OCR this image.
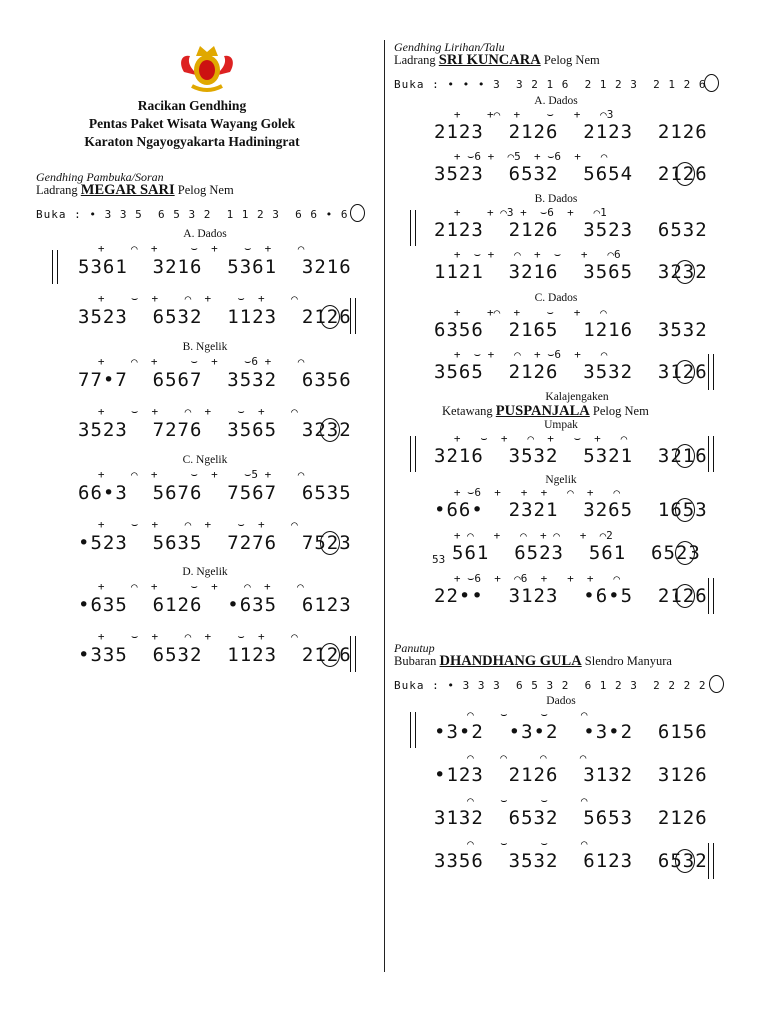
Racikan Gendhing
Pentas Paket Wisata Wayang Golek
Karaton Ngayogyakarta Hadiningrat
Gendhing Pambuka/Soran
Ladrang MEGAR SARI Pelog Nem
Buka : • 3 3 5  6 5 3 2  1 1 2 3  6 6 • 6
A. Dados
+    ⌒  +     ⌣  +    ⌣  +    ⌒
5361  3216  5361  3216
+    ⌣  +    ⌒  +    ⌣  +    ⌒
3523  6532  1123  2126
B. Ngelik
+    ⌒  +     ⌣  +    ⌣6 +    ⌒
77•7  6567  3532  6356
+    ⌣  +    ⌒  +    ⌣  +    ⌒
3523  7276  3565  3232
C. Ngelik
+    ⌒  +     ⌣  +    ⌣5 +    ⌒
66•3  5676  7567  6535
+    ⌣  +    ⌒  +    ⌣  +    ⌒
•523  5635  7276  7523
D. Ngelik
+    ⌒  +     ⌣  +    ⌒  +    ⌒
•635  6126  •635  6123
+    ⌣  +    ⌒  +    ⌣  +    ⌒
•335  6532  1123  2126
Gendhing Lirihan/Talu
Ladrang SRI KUNCARA Pelog Nem
Buka : • • • 3  3 2 1 6  2 1 2 3  2 1 2 6
A. Dados
+    +⌒  +    ⌣   +   ⌒3
2123  2126  2123  2126
+ ⌣6 +  ⌒5  + ⌣6  +   ⌒
3523  6532  5654  2126
B. Dados
+    + ⌒3 +  ⌣6  +   ⌒1
2123  2126  3523  6532
+  ⌣ +   ⌒  +  ⌣   +   ⌒6
1121  3216  3565  3232
C. Dados
+    +⌒  +    ⌣   +   ⌒
6356  2165  1216  3532
+  ⌣ +   ⌒  + ⌣6  +   ⌒
3565  2126  3532  3126
Kalajengaken
Ketawang PUSPANJALA Pelog Nem
Umpak
+   ⌣  +   ⌒  +   ⌣  +   ⌒
3216  3532  5321  3216
Ngelik
+ ⌣6  +   +  +   ⌒  +   ⌒
•66•  2321  3265  1653
+ ⌒   +   ⌒  + ⌒   +  ⌒2
53 561  6523  561  6523
+ ⌣6  +  ⌒6  +   +  +   ⌒
22••  3123  •6•5  2126
Panutup
Bubaran DHANDHANG GULA Slendro Manyura
Buka : • 3 3 3  6 5 3 2  6 1 2 3  2 2 2 2
Dados
⌒    ⌣     ⌣     ⌒
•3•2  •3•2  •3•2  6156
⌒    ⌒     ⌒     ⌒
•123  2126  3132  3126
⌒    ⌣     ⌣     ⌒
3132  6532  5653  2126
⌒    ⌣     ⌣     ⌒
3356  3532  6123  6532
